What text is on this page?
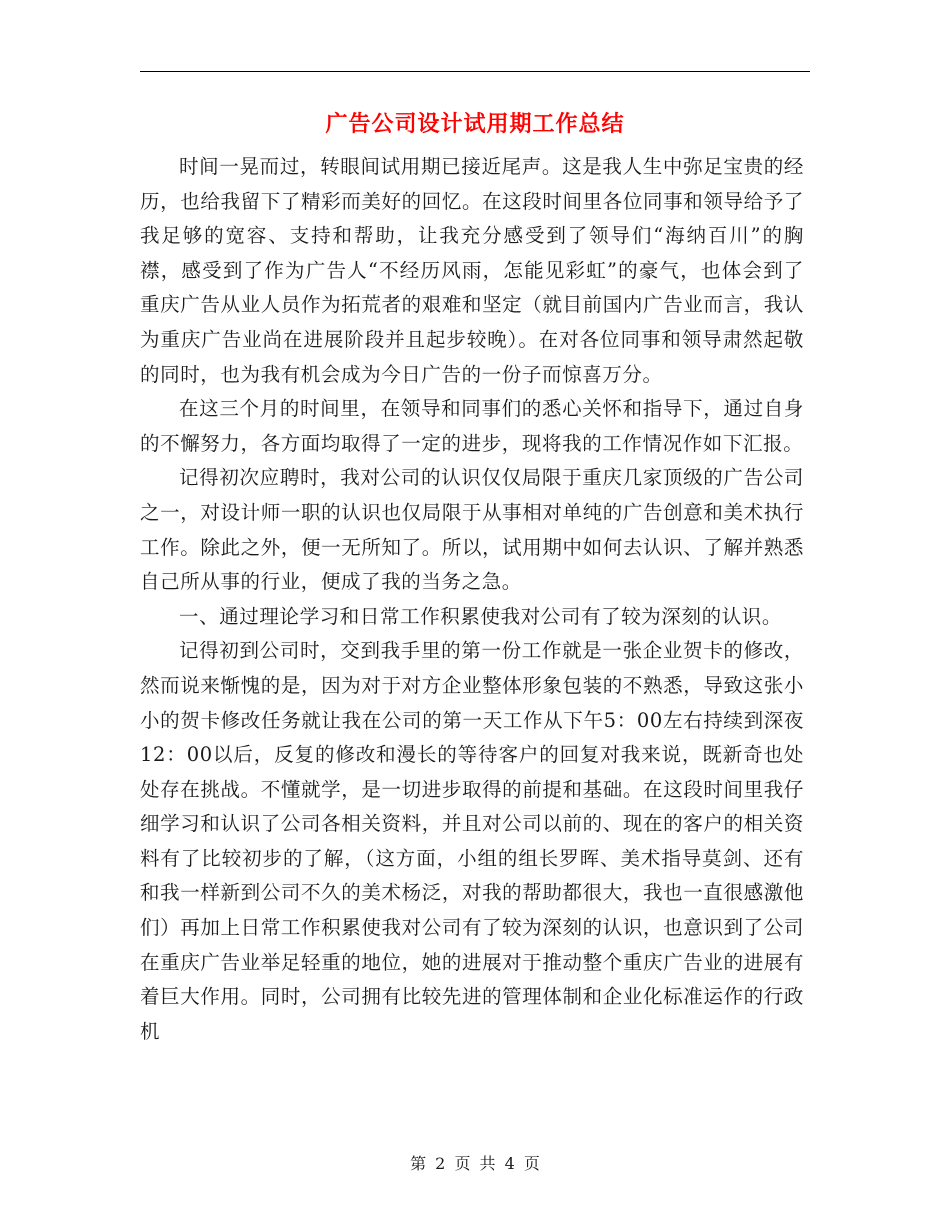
广告公司设计试用期工作总结

时间一晃而过，转眼间试用期已接近尾声。这是我人生中弥足宝贵的经历，也给我留下了精彩而美好的回忆。在这段时间里各位同事和领导给予了我足够的宽容、支持和帮助，让我充分感受到了领导们“海纳百川”的胸襟，感受到了作为广告人“不经历风雨，怎能见彩虹”的豪气，也体会到了重庆广告从业人员作为拓荒者的艰难和坚定（就目前国内广告业而言，我认为重庆广告业尚在进展阶段并且起步较晚）。在对各位同事和领导肃然起敬的同时，也为我有机会成为今日广告的一份子而惊喜万分。

在这三个月的时间里，在领导和同事们的悉心关怀和指导下，通过自身的不懈努力，各方面均取得了一定的进步，现将我的工作情况作如下汇报。

记得初次应聘时，我对公司的认识仅仅局限于重庆几家顶级的广告公司之一，对设计师一职的认识也仅局限于从事相对单纯的广告创意和美术执行工作。除此之外，便一无所知了。所以，试用期中如何去认识、了解并熟悉自己所从事的行业，便成了我的当务之急。

一、通过理论学习和日常工作积累使我对公司有了较为深刻的认识。

记得初到公司时，交到我手里的第一份工作就是一张企业贺卡的修改，然而说来惭愧的是，因为对于对方企业整体形象包装的不熟悉，导致这张小小的贺卡修改任务就让我在公司的第一天工作从下午5：00左右持续到深夜12：00以后，反复的修改和漫长的等待客户的回复对我来说，既新奇也处处存在挑战。不懂就学，是一切进步取得的前提和基础。在这段时间里我仔细学习和认识了公司各相关资料，并且对公司以前的、现在的客户的相关资料有了比较初步的了解，（这方面，小组的组长罗晖、美术指导莫剑、还有和我一样新到公司不久的美术杨泛，对我的帮助都很大，我也一直很感激他们）再加上日常工作积累使我对公司有了较为深刻的认识，也意识到了公司在重庆广告业举足轻重的地位，她的进展对于推动整个重庆广告业的进展有着巨大作用。同时，公司拥有比较先进的管理体制和企业化标准运作的行政机

第 2 页 共 4 页
